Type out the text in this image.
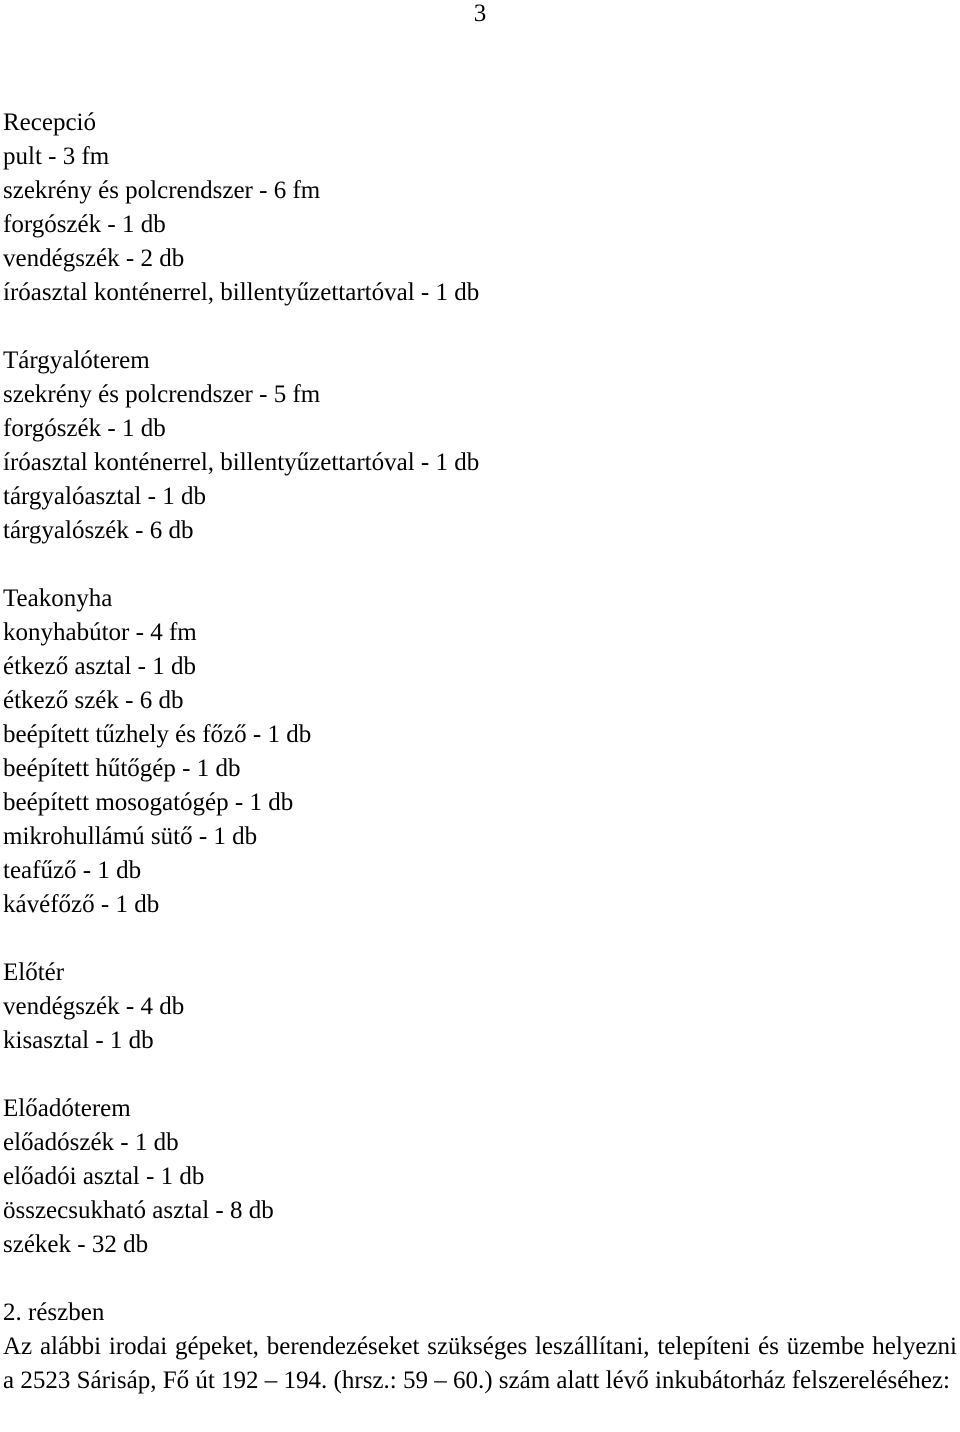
3
Recepció
pult - 3 fm
szekrény és polcrendszer - 6 fm
forgószék - 1 db
vendégszék - 2 db
íróasztal konténerrel, billentyűzettartóval - 1 db
Tárgyalóterem
szekrény és polcrendszer - 5 fm
forgószék - 1 db
íróasztal konténerrel, billentyűzettartóval - 1 db
tárgyalóasztal - 1 db
tárgyalószék - 6 db
Teakonyha
konyhabútor - 4 fm
étkező asztal - 1 db
étkező szék - 6 db
beépített tűzhely és főző - 1 db
beépített hűtőgép - 1 db
beépített mosogatógép - 1 db
mikrohullámú sütő - 1 db
teafűző - 1 db
kávéfőző - 1 db
Előtér
vendégszék - 4 db
kisasztal - 1 db
Előadóterem
előadószék - 1 db
előadói asztal - 1 db
összecsukható asztal - 8 db
székek - 32 db
2. részben
Az alábbi irodai gépeket, berendezéseket szükséges leszállítani, telepíteni és üzembe helyezni a 2523 Sárisáp, Fő út 192 – 194. (hrsz.: 59 – 60.) szám alatt lévő inkubátorház felszereléséhez:
